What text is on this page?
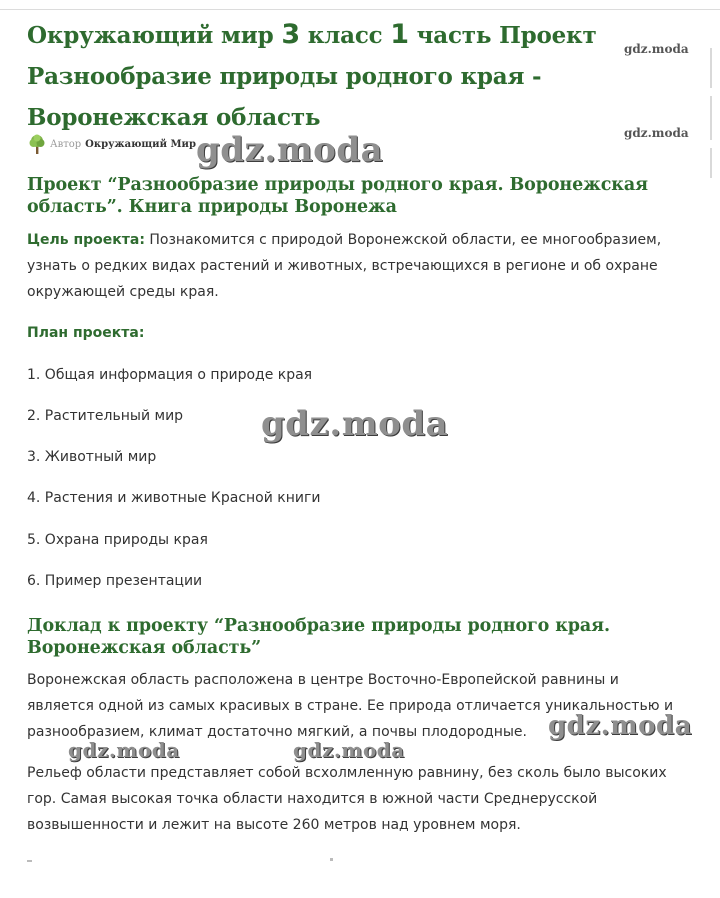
Окружающий мир 3 класс 1 часть Проект Разнообразие природы родного края - Воронежская область
Автор Окружающий Мир
Проект “Разнообразие природы родного края. Воронежская область”. Книга природы Воронежа

Цель проекта: Познакомится с природой Воронежской области, ее многообразием, узнать о редких видах растений и животных, встречающихся в регионе и об охране окружающей среды края.

План проекта:

1. Общая информация о природе края
2. Растительный мир
3. Животный мир
4. Растения и животные Красной книги
5. Охрана природы края
6. Пример презентации
Доклад к проекту “Разнообразие природы родного края. Воронежская область”

Воронежская область расположена в центре Восточно-Европейской равнины и является одной из самых красивых в стране. Ее природа отличается уникальностью и разнообразием, климат достаточно мягкий, а почвы плодородные.

Рельеф области представляет собой всхолмленную равнину, без сколь было высоких гор. Самая высокая точка области находится в южной части Среднерусской возвышенности и лежит на высоте 260 метров над уровнем моря.

gdz.moda
gdz.moda
gdz.moda
gdz.moda
gdz.moda
gdz.moda	gdz.moda
